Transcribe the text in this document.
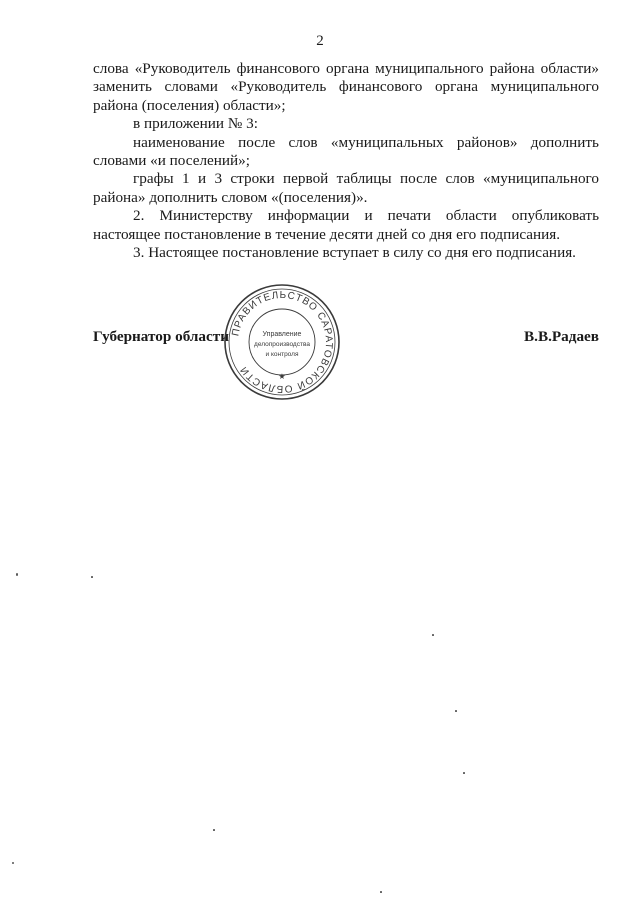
2

слова «Руководитель финансового органа муниципального района области» заменить словами «Руководитель финансового органа муниципального района (поселения) области»;

в приложении № 3:

наименование после слов «муниципальных районов» дополнить словами «и поселений»;

графы 1 и 3 строки первой таблицы после слов «муниципального района» дополнить словом «(поселения)».

2. Министерству информации и печати области опубликовать настоящее постановление в течение десяти дней со дня его подписания.

3. Настоящее постановление вступает в силу со дня его подписания.

Губернатор области	В.В.Радаев
ПРАВИТЕЛЬСТВО САРАТОВСКОЙ ОБЛАСТИ
Управление
делопроизводства
и контроля
★
